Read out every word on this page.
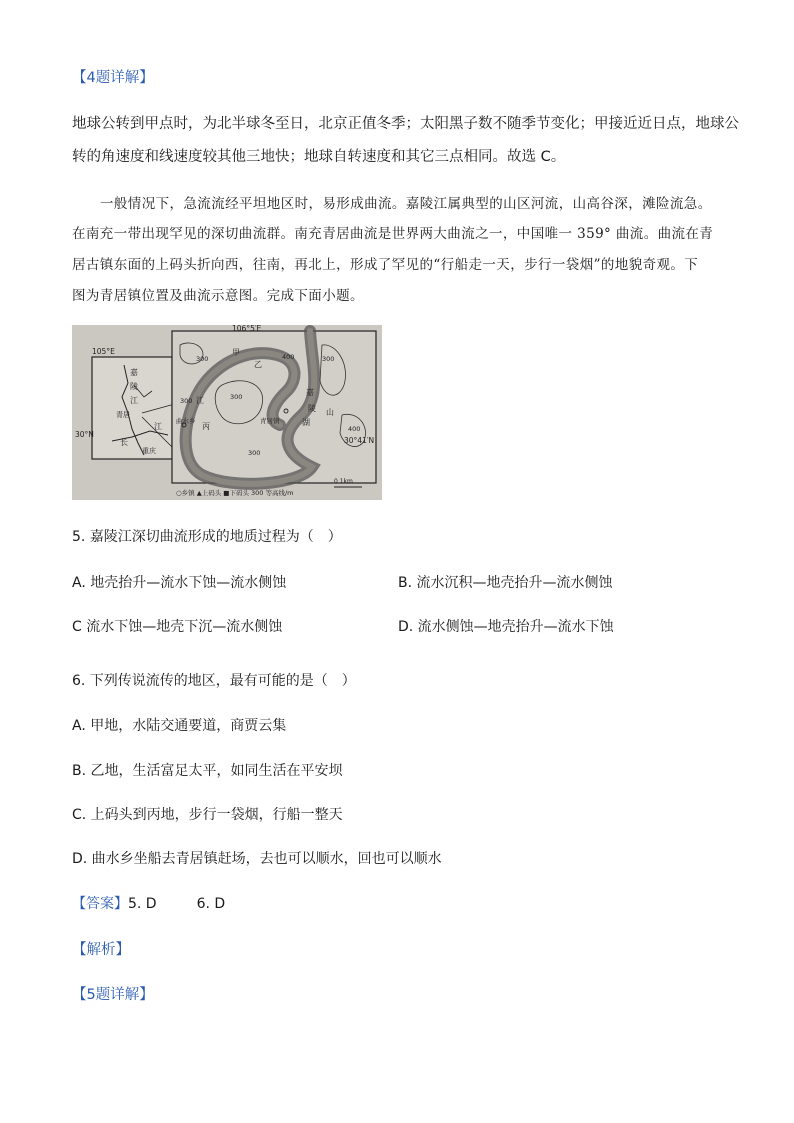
【4题详解】
地球公转到甲点时，为北半球冬至日，北京正值冬季；太阳黑子数不随季节变化；甲接近近日点，地球公
转的角速度和线速度较其他三地快；地球自转速度和其它三点相同。故选 C。
一般情况下，急流流经平坦地区时，易形成曲流。嘉陵江属典型的山区河流，山高谷深，滩险流急。
在南充一带出现罕见的深切曲流群。南充青居曲流是世界两大曲流之一，中国唯一 359° 曲流。曲流在青
居古镇东面的上码头折向西，往南，再北上，形成了罕见的“行船走一天，步行一袋烟”的地貌奇观。下
图为青居镇位置及曲流示意图。完成下面小题。
105°E
30°N
嘉
陵
江
青居
长
江
重庆
106°5′E
30°41′N
300
300
400
300
300
400
300
甲
乙
丙
曲水乡	青居镇
江
嘉
陵 山
湖
○乡镇 ▲上码头 ■下码头 300 等高线/m
0 1km
5. 嘉陵江深切曲流形成的地质过程为（　）
A. 地壳抬升—流水下蚀—流水侧蚀	B. 流水沉积—地壳抬升—流水侧蚀
C 流水下蚀—地壳下沉—流水侧蚀	D. 流水侧蚀—地壳抬升—流水下蚀
6. 下列传说流传的地区，最有可能的是（　）
A. 甲地，水陆交通要道，商贾云集
B. 乙地，生活富足太平，如同生活在平安坝
C. 上码头到丙地，步行一袋烟，行船一整天
D. 曲水乡坐船去青居镇赶场，去也可以顺水，回也可以顺水
【答案】5. D	6. D
【解析】
【5题详解】
